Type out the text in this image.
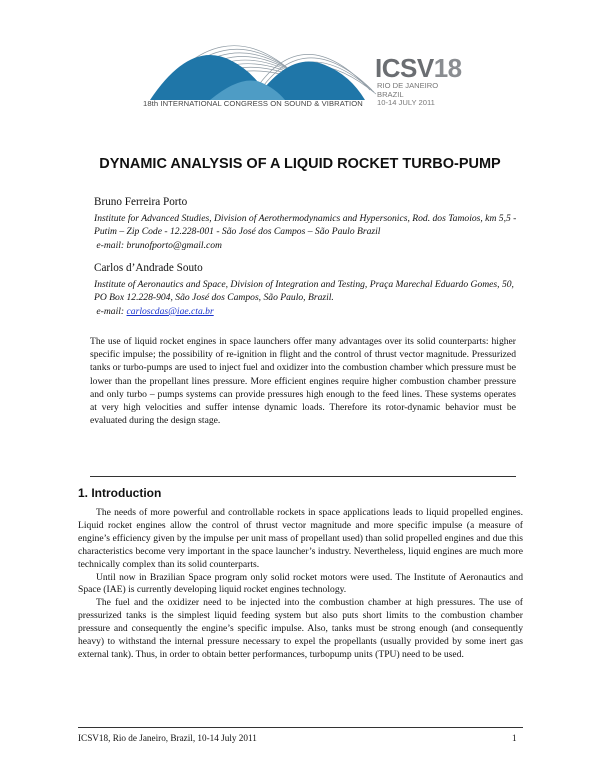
18th INTERNATIONAL CONGRESS ON SOUND & VIBRATION
ICSV18
RIO DE JANEIRO
BRAZIL
10-14 JULY 2011
DYNAMIC ANALYSIS OF A LIQUID ROCKET TURBO-PUMP
Bruno Ferreira Porto
Institute for Advanced Studies, Division of Aerothermodynamics and Hypersonics, Rod. dos Tamoios, km 5,5 - Putim – Zip Code - 12.228-001 - São José dos Campos – São Paulo Brazil
e-mail: brunofporto@gmail.com
Carlos d’Andrade Souto
Institute of Aeronautics and Space, Division of Integration and Testing, Praça Marechal Eduardo Gomes, 50, PO Box 12.228-904, São José dos Campos, São Paulo, Brazil.
e-mail: carloscdas@iae.cta.br
The use of liquid rocket engines in space launchers offer many advantages over its solid counterparts: higher specific impulse; the possibility of re-ignition in flight and the control of thrust vector magnitude. Pressurized tanks or turbo-pumps are used to inject fuel and oxidizer into the combustion chamber which pressure must be lower than the propellant lines pressure. More efficient engines require higher combustion chamber pressure and only turbo – pumps systems can provide pressures high enough to the feed lines. These systems operates at very high velocities and suffer intense dynamic loads. Therefore its rotor-dynamic behavior must be evaluated during the design stage.
1. Introduction

The needs of more powerful and controllable rockets in space applications leads to liquid propelled engines. Liquid rocket engines allow the control of thrust vector magnitude and more specific impulse (a measure of engine’s efficiency given by the impulse per unit mass of propellant used) than solid propelled engines and due this characteristics become very important in the space launcher’s industry. Nevertheless, liquid engines are much more technically complex than its solid counterparts.

Until now in Brazilian Space program only solid rocket motors were used. The Institute of Aeronautics and Space (IAE) is currently developing liquid rocket engines technology.

The fuel and the oxidizer need to be injected into the combustion chamber at high pressures. The use of pressurized tanks is the simplest liquid feeding system but also puts short limits to the combustion chamber pressure and consequently the engine’s specific impulse. Also, tanks must be strong enough (and consequently heavy) to withstand the internal pressure necessary to expel the propellants (usually provided by some inert gas external tank). Thus, in order to obtain better performances, turbopump units (TPU) need to be used.

ICSV18, Rio de Janeiro, Brazil, 10-14 July 2011	1
